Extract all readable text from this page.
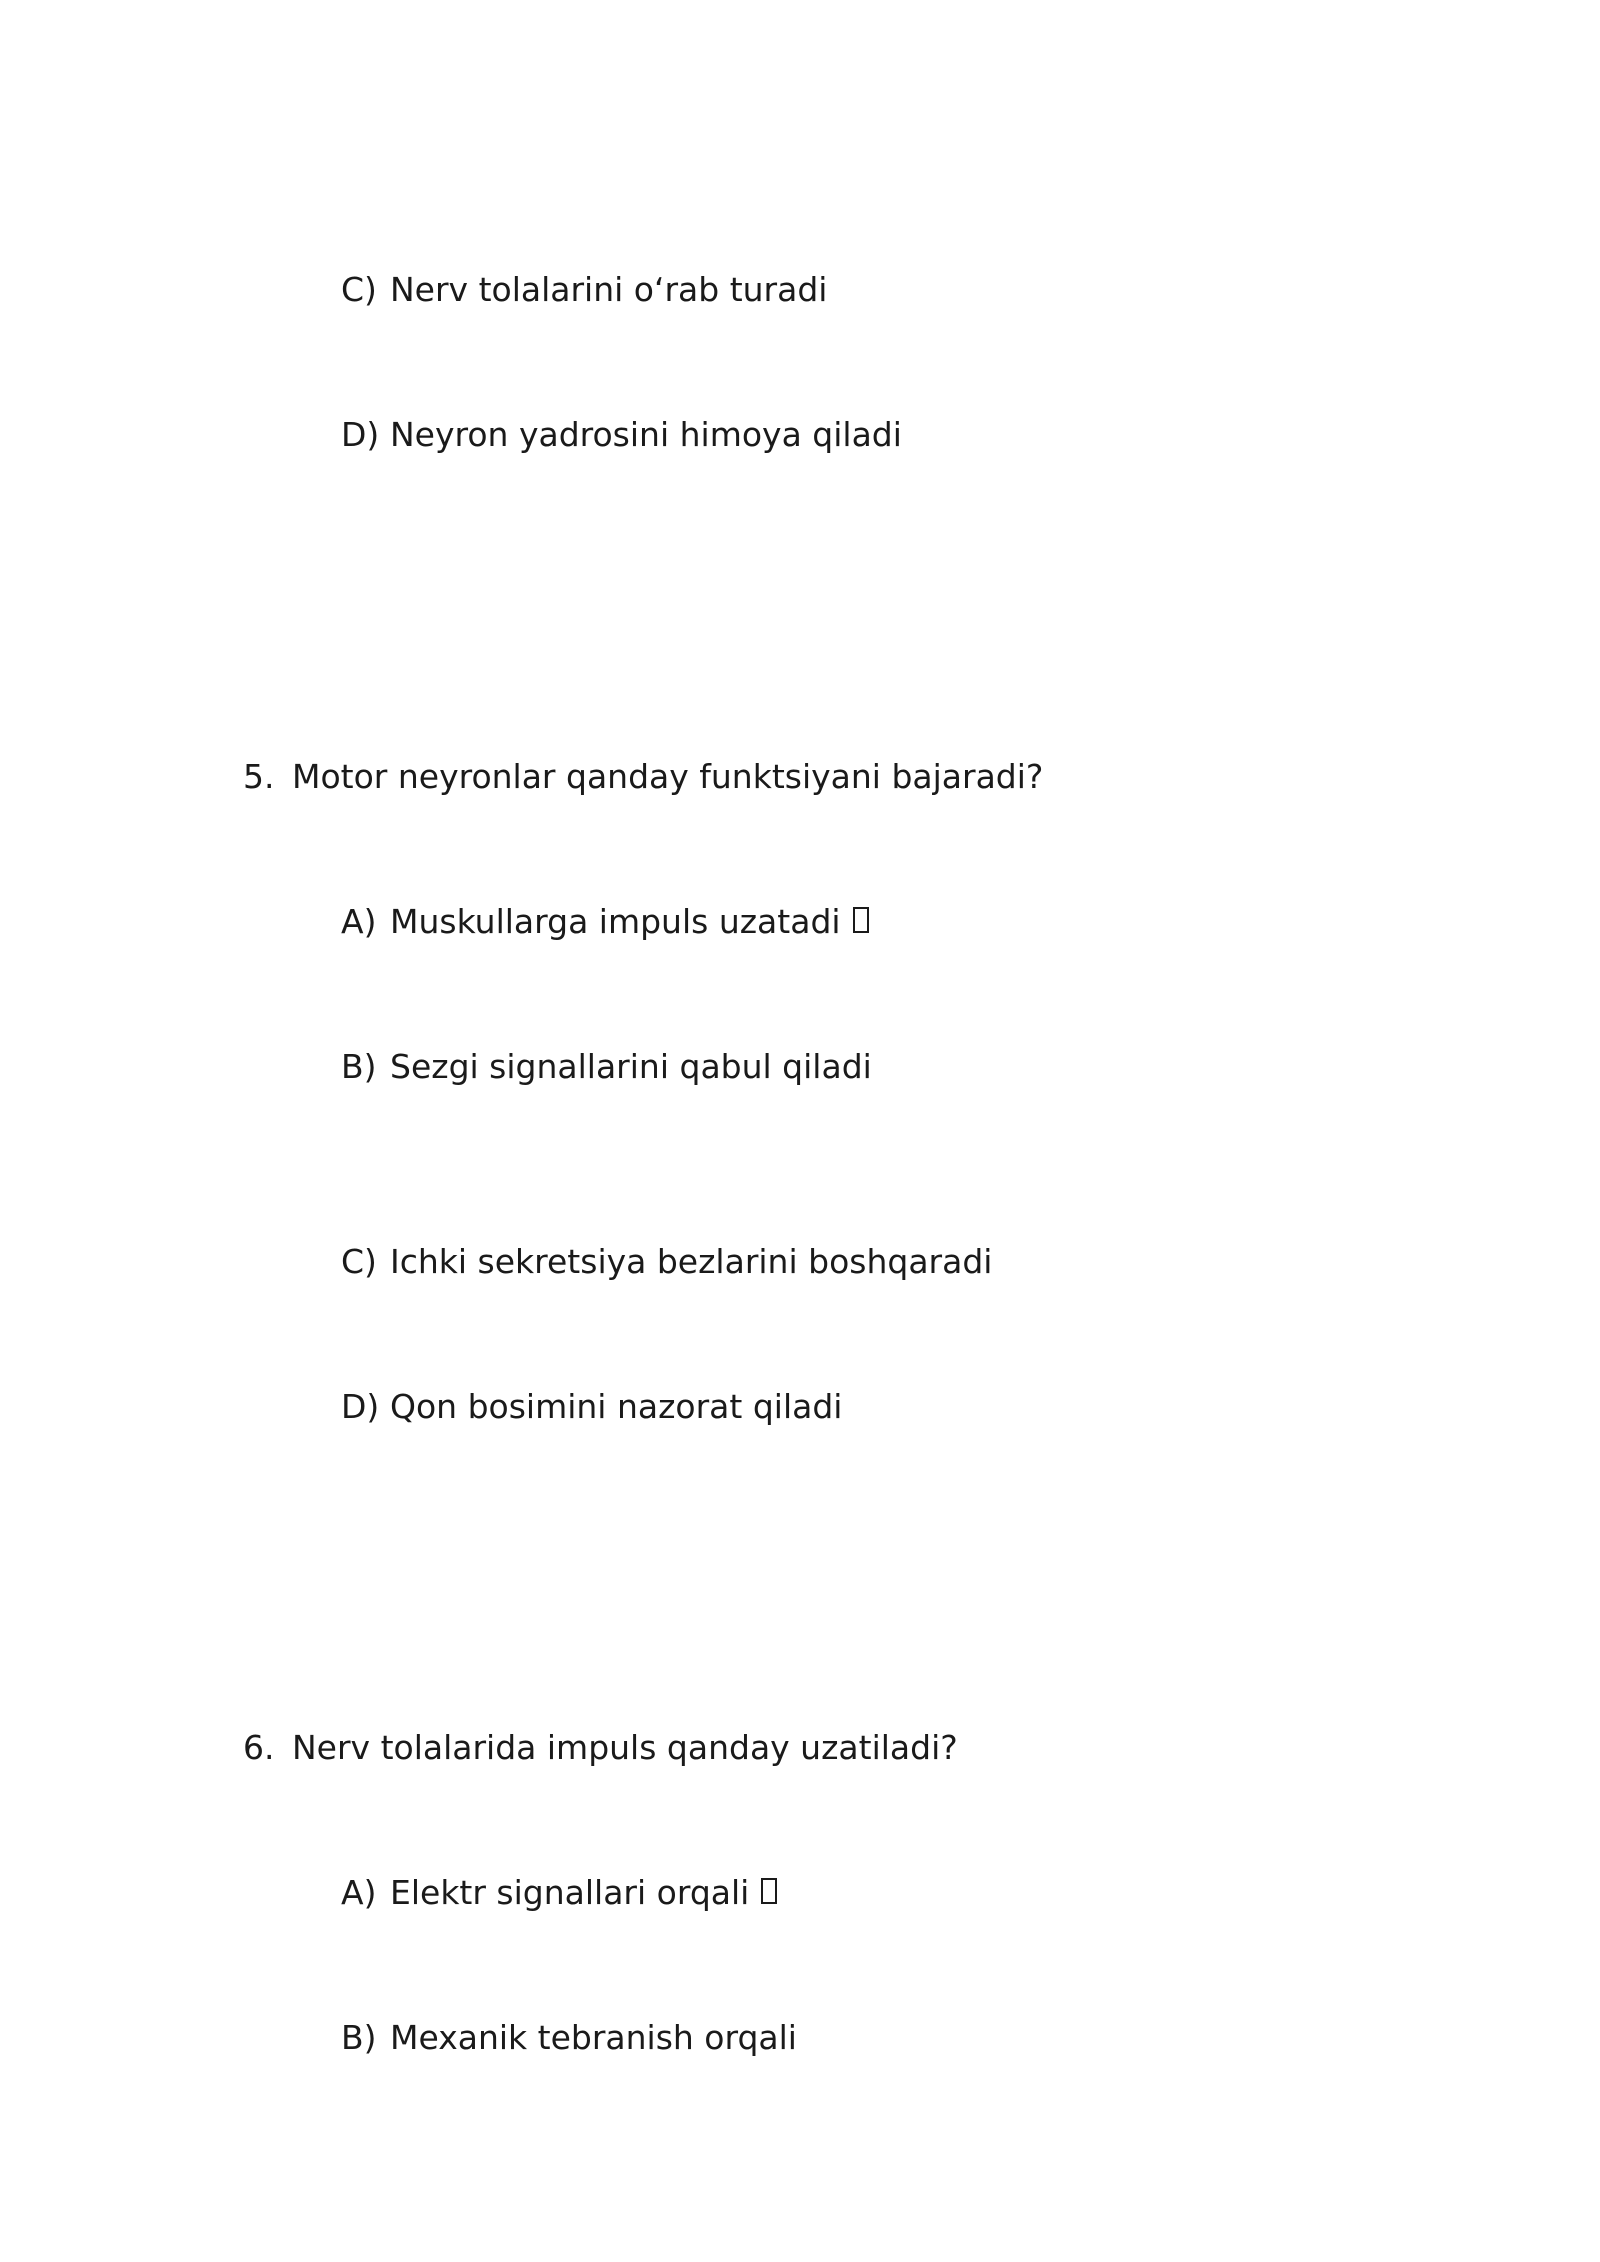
C) Nerv tolalarini o‘rab turadi
D) Neyron yadrosini himoya qiladi
5. Motor neyronlar qanday funktsiyani bajaradi?
A) Muskullarga impuls uzatadi
B) Sezgi signallarini qabul qiladi
C) Ichki sekretsiya bezlarini boshqaradi
D) Qon bosimini nazorat qiladi
6. Nerv tolalarida impuls qanday uzatiladi?
A) Elektr signallari orqali
B) Mexanik tebranish orqali
